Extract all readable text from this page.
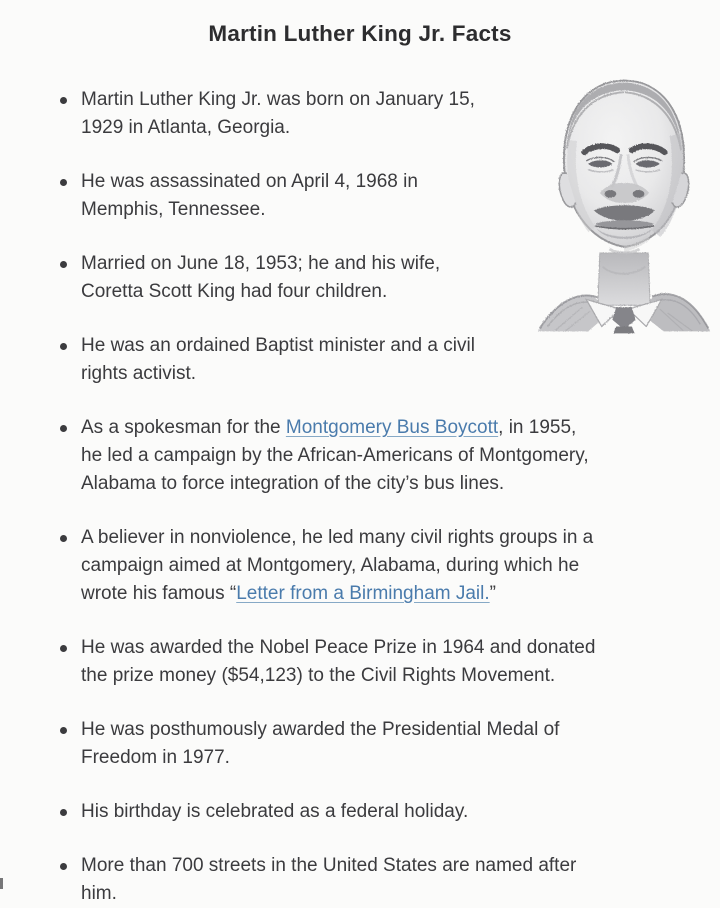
Martin Luther King Jr. Facts
Martin Luther King Jr. was born on January 15,
1929 in Atlanta, Georgia.
He was assassinated on April 4, 1968 in
Memphis, Tennessee.
Married on June 18, 1953; he and his wife,
Coretta Scott King had four children.
He was an ordained Baptist minister and a civil
rights activist.
As a spokesman for the Montgomery Bus Boycott, in 1955,
he led a campaign by the African-Americans of Montgomery,
Alabama to force integration of the city’s bus lines.
A believer in nonviolence, he led many civil rights groups in a
campaign aimed at Montgomery, Alabama, during which he
wrote his famous “Letter from a Birmingham Jail.”
He was awarded the Nobel Peace Prize in 1964 and donated
the prize money ($54,123) to the Civil Rights Movement.
He was posthumously awarded the Presidential Medal of
Freedom in 1977.
His birthday is celebrated as a federal holiday.
More than 700 streets in the United States are named after
him.
